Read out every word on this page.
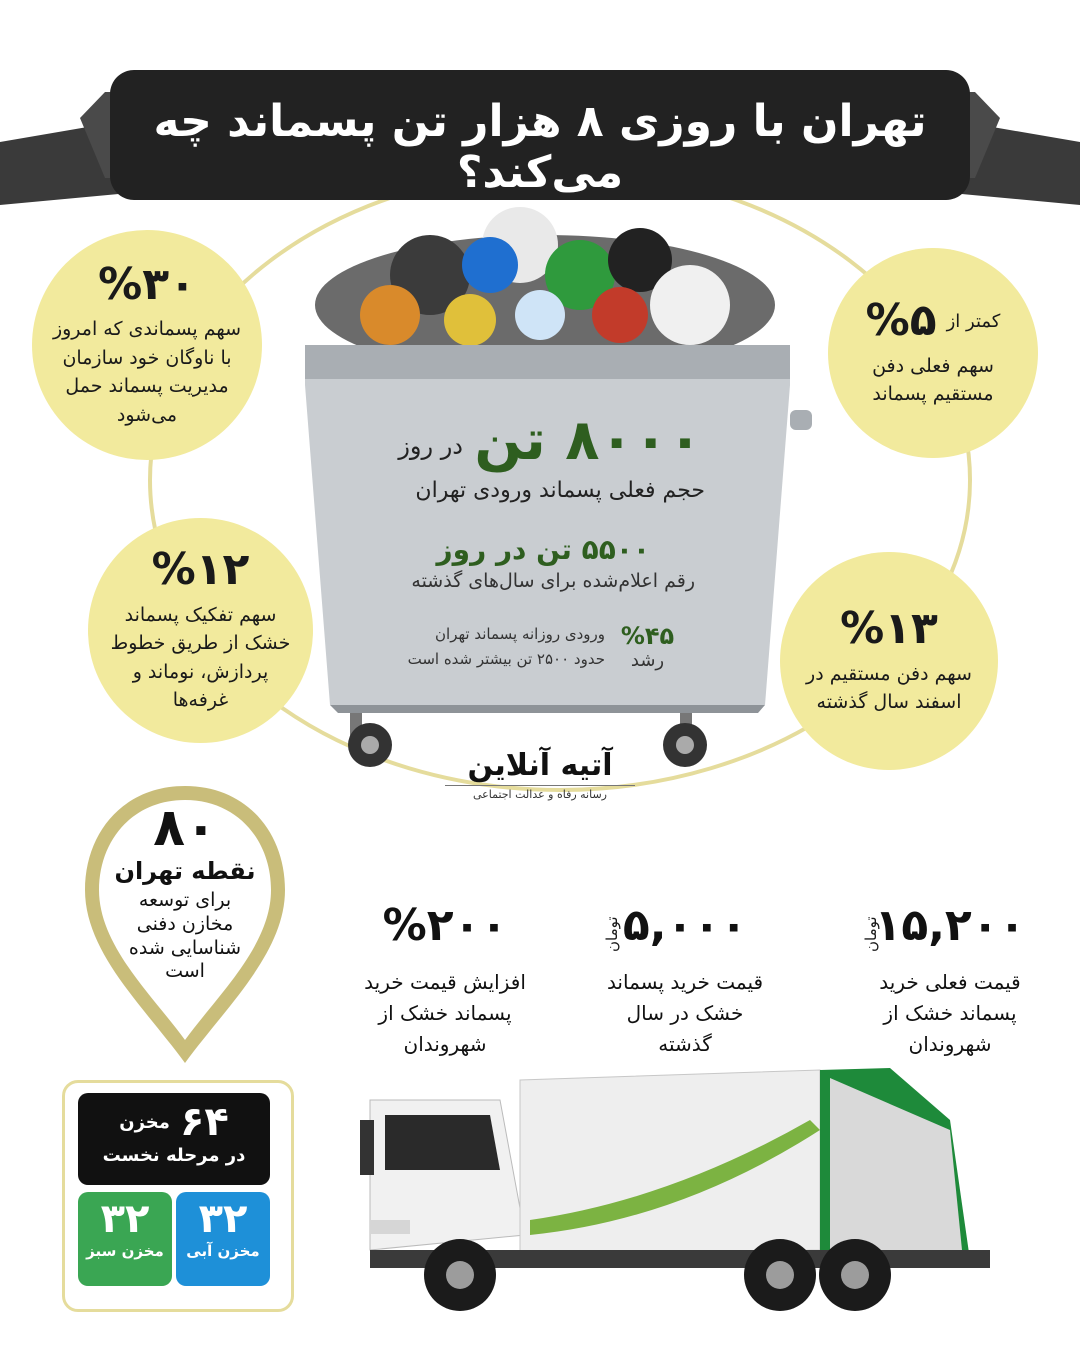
تهران با روزی ۸ هزار تن پسماند چه می‌کند؟
۸۰۰۰ تن
در روز
حجم فعلی پسماند ورودی تهران
۵۵۰۰ تن در روز
رقم اعلام‌شده برای سال‌های گذشته
%۴۵
رشد
ورودی روزانه پسماند تهران
حدود ۲۵۰۰ تن بیشتر شده است
آتیه آنلاین
رسانه رفاه و عدالت اجتماعی
%۳۰
سهم پسماندی که امروز با ناوگان خود سازمان مدیریت پسماند حمل می‌شود
%۱۲
سهم تفکیک پسماند خشک از طریق خطوط پردازش، نوماند و غرفه‌ها
کمتر از
%۵
سهم فعلی دفن مستقیم پسماند
%۱۳
سهم دفن مستقیم در اسفند سال گذشته
۸۰
نقطه تهران
برای توسعه مخازن دفنی شناسایی شده است
%۲۰۰
افزایش قیمت خرید پسماند خشک از شهروندان
۵,۰۰۰
قیمت خرید پسماند خشک در سال گذشته
تومان	۱۵,۲۰۰
قیمت فعلی خرید پسماند خشک از شهروندان
تومان
۶۴
مخزن
در مرحله نخست
۳۲
مخزن آبی
۳۲
مخزن سبز
